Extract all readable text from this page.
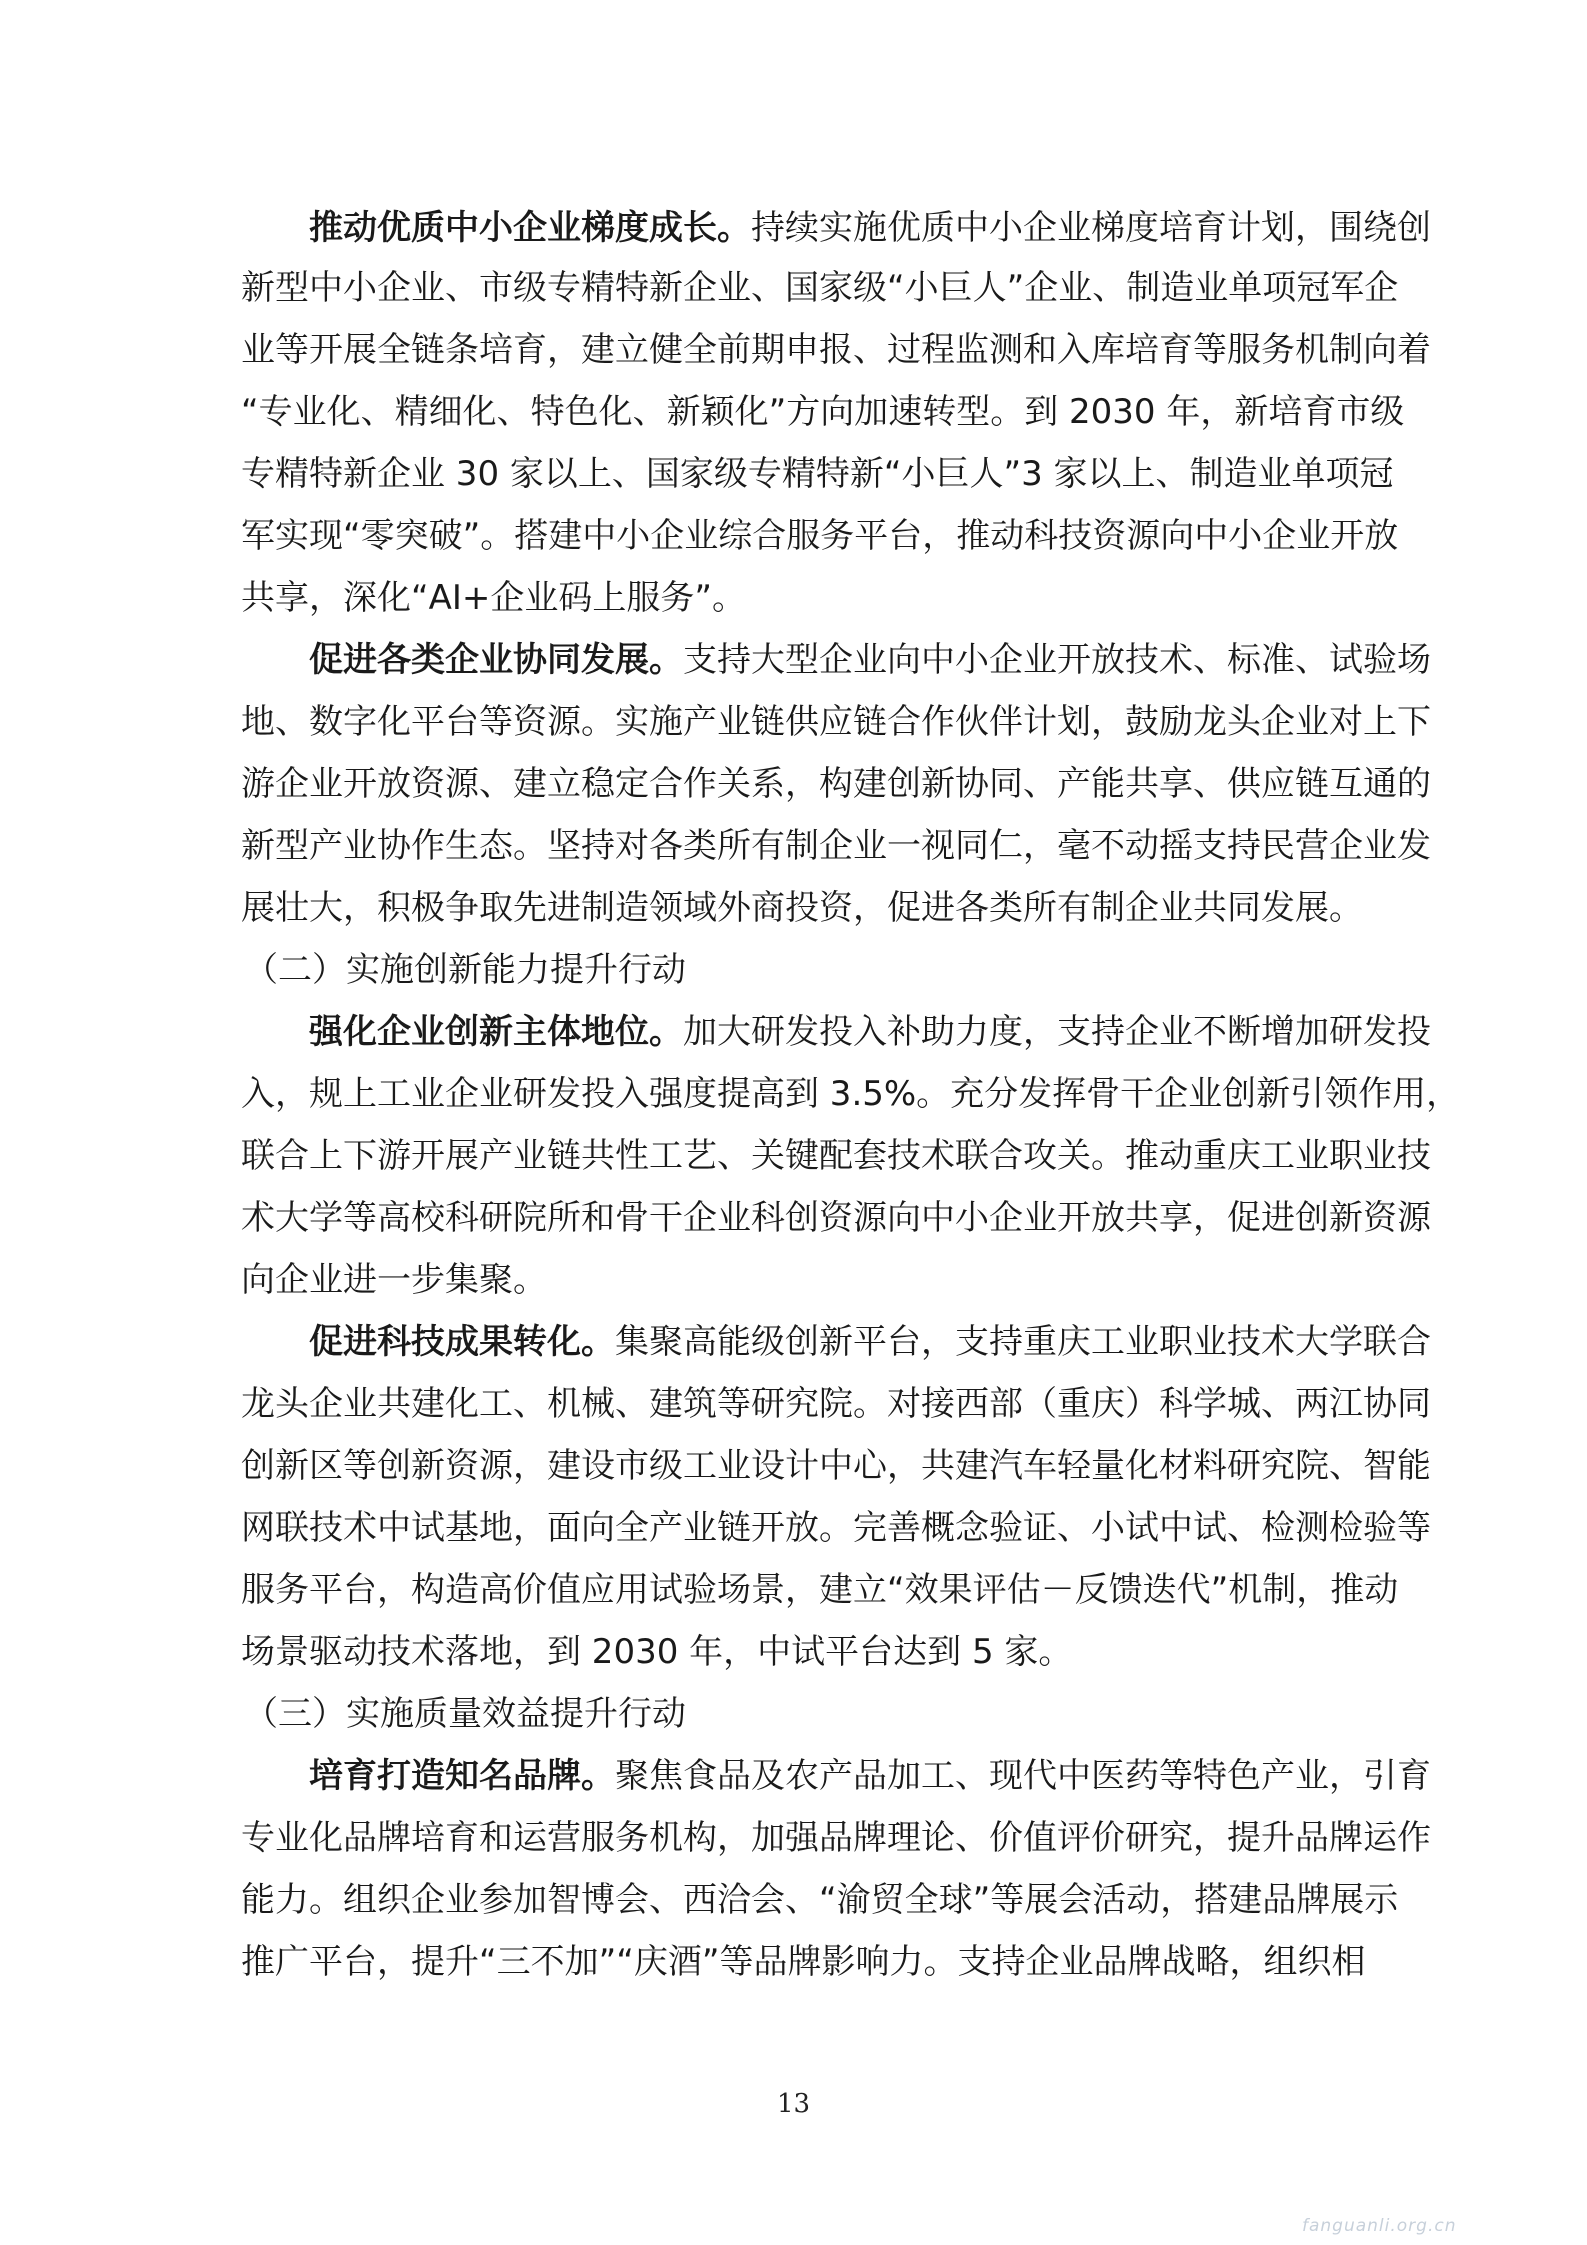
推动优质中小企业梯度成长。持续实施优质中小企业梯度培育计划，围绕创
新型中小企业、市级专精特新企业、国家级“小巨人”企业、制造业单项冠军企
业等开展全链条培育，建立健全前期申报、过程监测和入库培育等服务机制向着
“专业化、精细化、特色化、新颖化”方向加速转型。到 2030 年，新培育市级
专精特新企业 30 家以上、国家级专精特新“小巨人”3 家以上、制造业单项冠
军实现“零突破”。搭建中小企业综合服务平台，推动科技资源向中小企业开放
共享，深化“AI+企业码上服务”。
促进各类企业协同发展。支持大型企业向中小企业开放技术、标准、试验场
地、数字化平台等资源。实施产业链供应链合作伙伴计划，鼓励龙头企业对上下
游企业开放资源、建立稳定合作关系，构建创新协同、产能共享、供应链互通的
新型产业协作生态。坚持对各类所有制企业一视同仁，毫不动摇支持民营企业发
展壮大，积极争取先进制造领域外商投资，促进各类所有制企业共同发展。
（二）实施创新能力提升行动
强化企业创新主体地位。加大研发投入补助力度，支持企业不断增加研发投
入，规上工业企业研发投入强度提高到 3.5%。充分发挥骨干企业创新引领作用，
联合上下游开展产业链共性工艺、关键配套技术联合攻关。推动重庆工业职业技
术大学等高校科研院所和骨干企业科创资源向中小企业开放共享，促进创新资源
向企业进一步集聚。
促进科技成果转化。集聚高能级创新平台，支持重庆工业职业技术大学联合
龙头企业共建化工、机械、建筑等研究院。对接西部（重庆）科学城、两江协同
创新区等创新资源，建设市级工业设计中心，共建汽车轻量化材料研究院、智能
网联技术中试基地，面向全产业链开放。完善概念验证、小试中试、检测检验等
服务平台，构造高价值应用试验场景，建立“效果评估－反馈迭代”机制，推动
场景驱动技术落地，到 2030 年，中试平台达到 5 家。
（三）实施质量效益提升行动
培育打造知名品牌。聚焦食品及农产品加工、现代中医药等特色产业，引育
专业化品牌培育和运营服务机构，加强品牌理论、价值评价研究，提升品牌运作
能力。组织企业参加智博会、西洽会、“渝贸全球”等展会活动，搭建品牌展示
推广平台，提升“三不加”“庆酒”等品牌影响力。支持企业品牌战略，组织相
13
fanguanli.org.cn
